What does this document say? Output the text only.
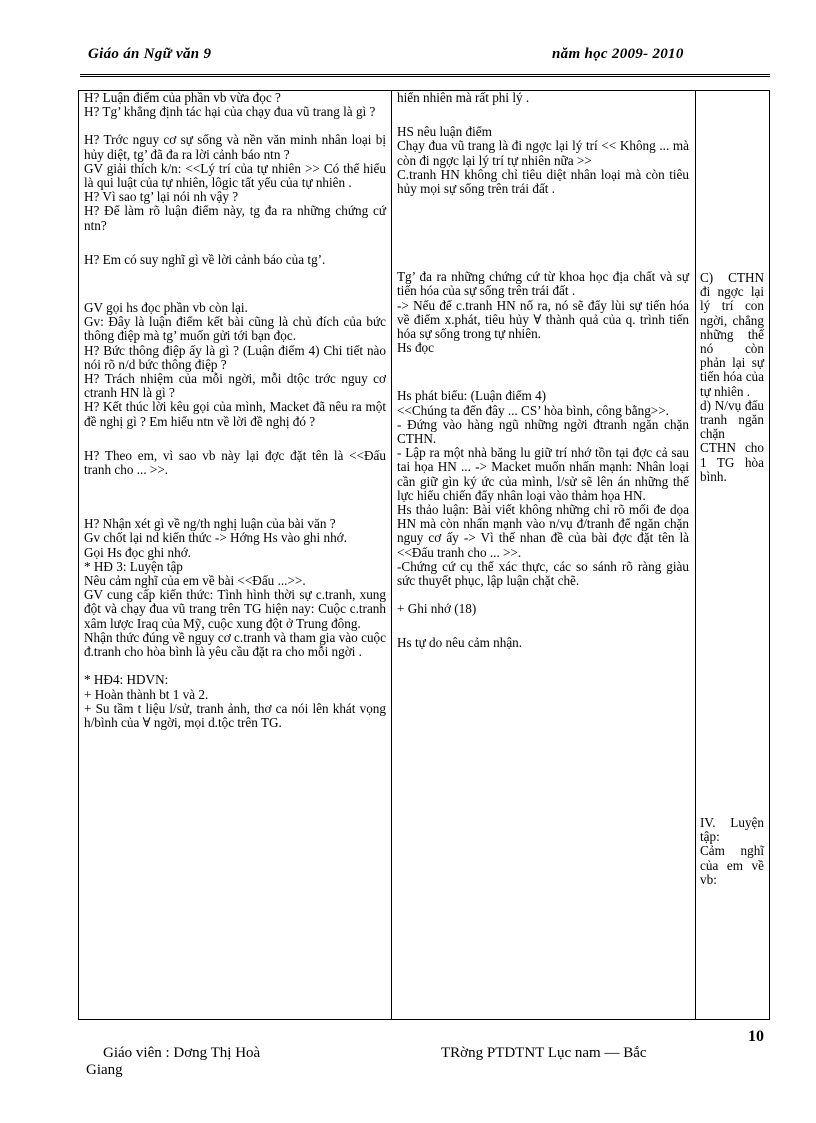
Giáo án Ngữ văn 9	năm học 2009- 2010

H? Luận điểm của phần vb vừa đọc ?

H? Tg’ khẳng định tác hại của chạy đua vũ trang là gì ?

H? Trớc nguy cơ sự sống và nền văn minh nhân loại bị hủy diệt, tg’ đã đa ra lời cảnh báo ntn ?

GV giải thích k/n: <<Lý trí của tự nhiên >> Có thể hiểu là qui luật của tự nhiên, lôgic tất yếu của tự nhiên .

H? Vì sao tg’ lại nói nh vậy ?

H? Để làm rõ luận điểm này, tg đa ra những chứng cứ ntn?

H? Em có suy nghĩ gì về lời cảnh báo của tg’.

GV gọi hs đọc phần vb còn lại.

Gv: Đây là luận điểm kết bài cũng là chủ đích của bức thông điệp mà tg’ muốn gửi tới bạn đọc.

H? Bức thông điệp ấy là gì ? (Luận điểm 4) Chi tiết nào nói rõ n/d bức thông điệp ?

H? Trách nhiệm của mỗi ngời, mỗi dtộc trớc nguy cơ ctranh HN là gì ?

H? Kết thúc lời kêu gọi của mình, Macket đã nêu ra một đề nghị gì ? Em hiểu ntn về lời đề nghị đó ?

H? Theo em, vì sao vb này lại đợc đặt tên là <<Đấu tranh cho ... >>.

H? Nhận xét gì về ng/th nghị luận của bài văn ?

Gv chốt lại nd kiến thức -> Hớng Hs vào ghi nhớ.

Gọi Hs đọc ghi nhớ.

* HĐ 3: Luyện tập

Nêu cảm nghĩ của em về bài <<Đấu ...>>.

GV cung cấp kiến thức: Tình hình thời sự c.tranh, xung đột và chạy đua vũ trang trên TG hiện nay: Cuộc c.tranh xâm lược Iraq của Mỹ, cuộc xung đột ở Trung đông.

Nhận thức đúng về nguy cơ c.tranh và tham gia vào cuộc đ.tranh cho hòa bình là yêu cầu đặt ra cho mỗi ngời .

* HĐ4: HDVN:

+ Hoàn thành bt 1 và 2.

+ Su tầm t liệu l/sử, tranh ảnh, thơ ca nói lên khát vọng h/bình của ∀ ngời, mọi d.tộc trên TG.

hiển nhiên mà rất phi lý .

HS nêu luận điểm

Chạy đua vũ trang là đi ngợc lại lý trí << Không ... mà còn đi ngợc lại lý trí tự nhiên nữa >>

C.tranh HN không chỉ tiêu diệt nhân loại mà còn tiêu hủy mọi sự sống trên trái đất .

Tg’ đa ra những chứng cứ từ khoa học địa chất và sự tiến hóa của sự sống trên trái đất .

-> Nếu để c.tranh HN nổ ra, nó sẽ đẩy lùi sự tiến hóa về điểm x.phát, tiêu hủy ∀ thành quả của q. trình tiến hóa sự sống trong tự nhiên.

Hs đọc

Hs phát biểu: (Luận điểm 4)

<<Chúng ta đến đây ... CS’ hòa bình, công bằng>>.

- Đứng vào hàng ngũ những ngời đtranh ngăn chặn CTHN.

- Lập ra một nhà băng lu giữ trí nhớ tồn tại đợc cả sau tai họa HN ... -> Macket muốn nhấn mạnh: Nhân loại cần giữ gìn ký ức của mình, l/sử sẽ lên án những thế lực hiếu chiến đẩy nhân loại vào thảm họa HN.

Hs thảo luận: Bài viết không những chỉ rõ mối đe dọa HN mà còn nhấn mạnh vào n/vụ đ/tranh để ngăn chặn nguy cơ ấy -> Vì thế nhan đề của bài đợc đặt tên là <<Đấu tranh cho ... >>.

-Chứng cứ cụ thể xác thực, các so sánh rõ ràng giàu sức thuyết phục, lập luận chặt chẽ.

+ Ghi nhớ (18)

Hs tự do nêu cảm nhận.

C) CTHN đi ngợc lại lý trí con ngời, chẳng những thế nó còn phản lại sự tiến hóa của tự nhiên .

d) N/vụ đấu tranh ngăn chặn CTHN cho 1 TG hòa bình.

IV. Luyện tập:

Cảm nghĩ của em về vb:

10
Giáo viên : Dơng Thị Hoà	TRờng PTDTNT Lục nam — Bắc
Giang
